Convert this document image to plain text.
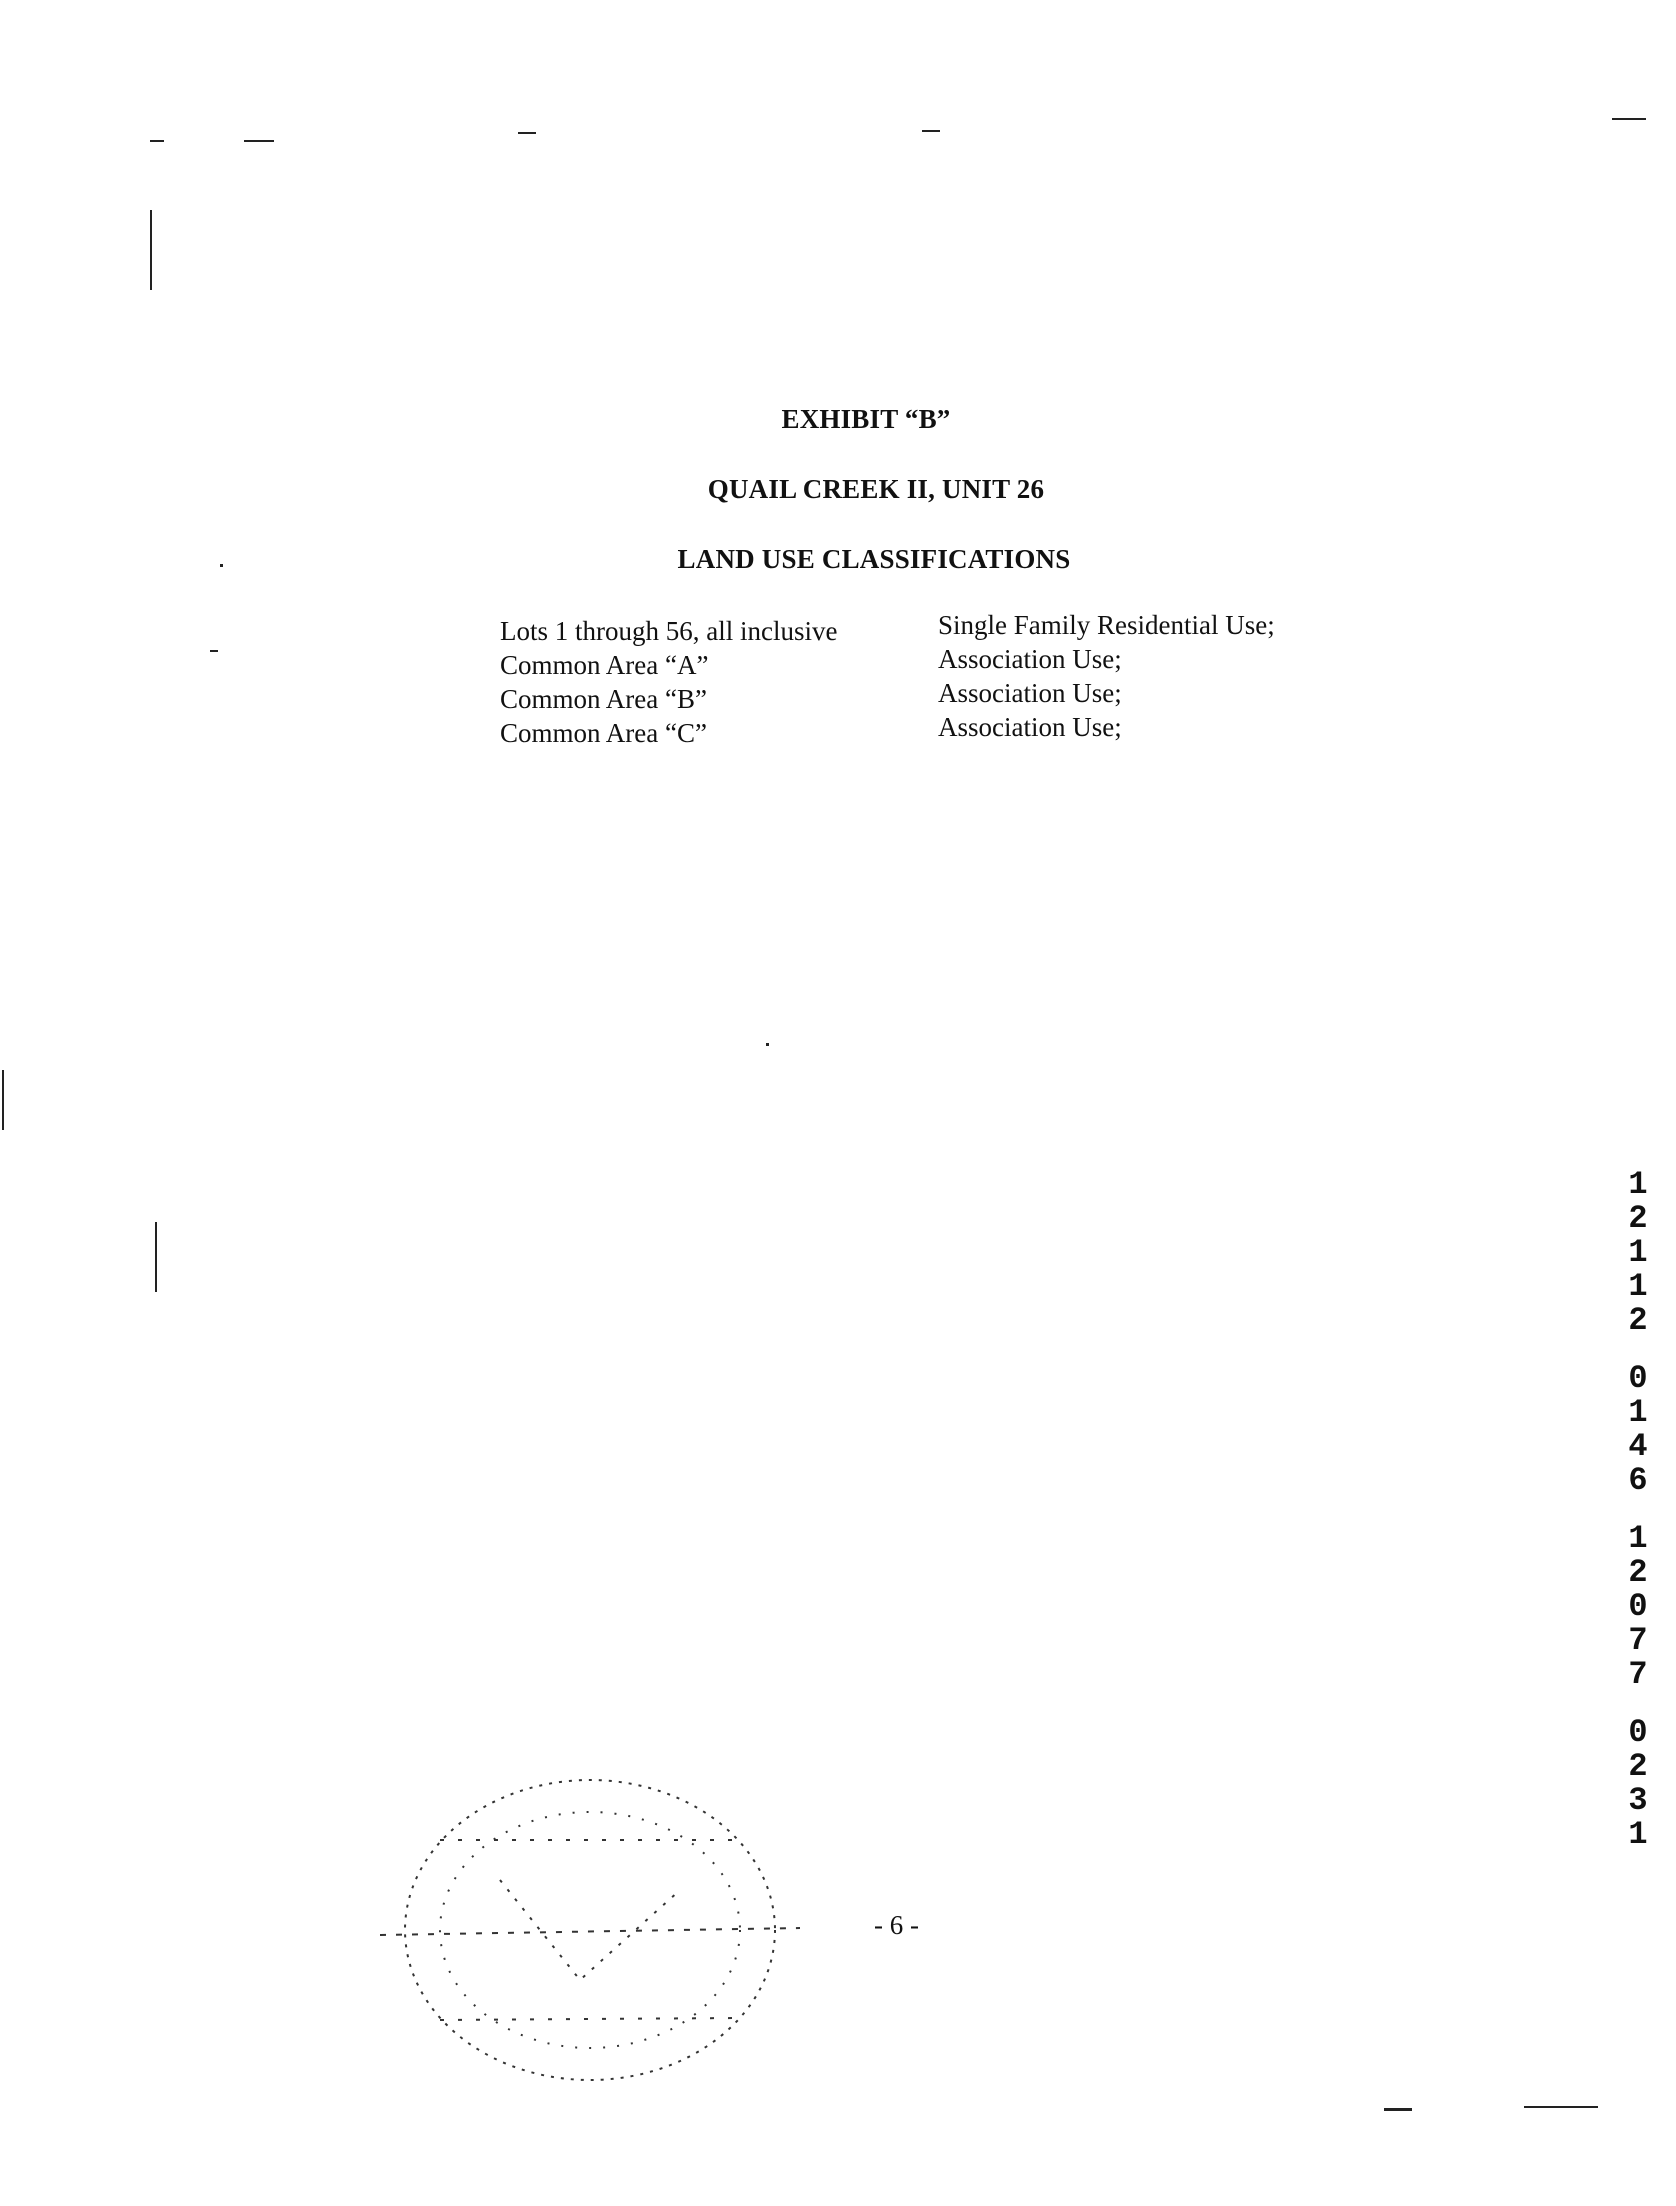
EXHIBIT “B”
QUAIL CREEK II, UNIT 26
LAND USE CLASSIFICATIONS
Lots 1 through 56, all inclusive	Single Family Residential Use;
Common Area “A”	Association Use;
Common Area “B”	Association Use;
Common Area “C”	Association Use;
- 6 -
1
2
1
1
2
0
1
4
6
1
2
0
7
7
0
2
3
1
